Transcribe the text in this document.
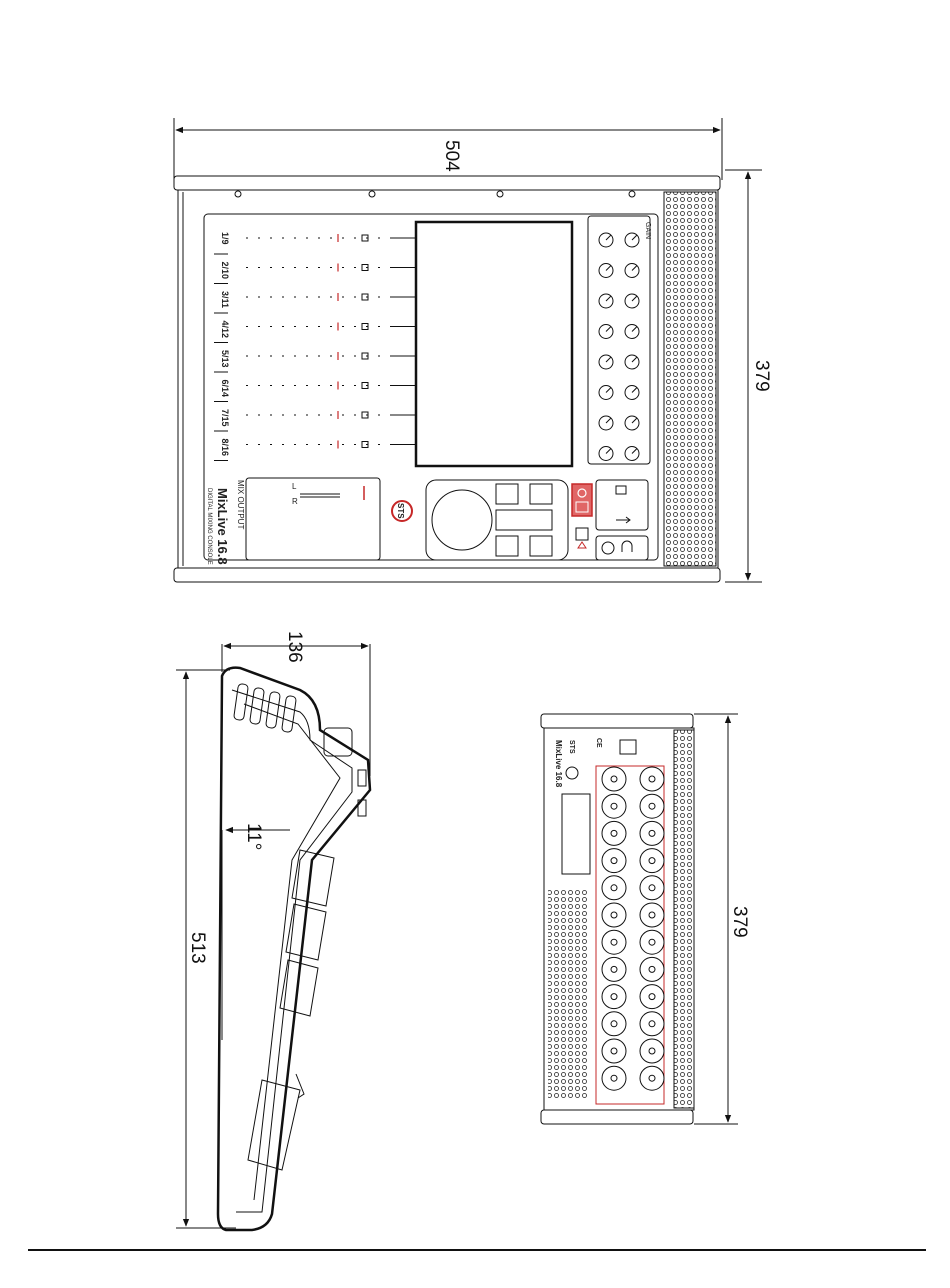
504
379
1/9
2/10
3/11
4/12
5/13
6/14
7/15
8/16
GAIN
MIX OUTPUT	L
R
MixLive 16.8
DIGITAL MIXING CONSOLE	STS
136
513
11°
MixLive 16.8 STS	CE
379
